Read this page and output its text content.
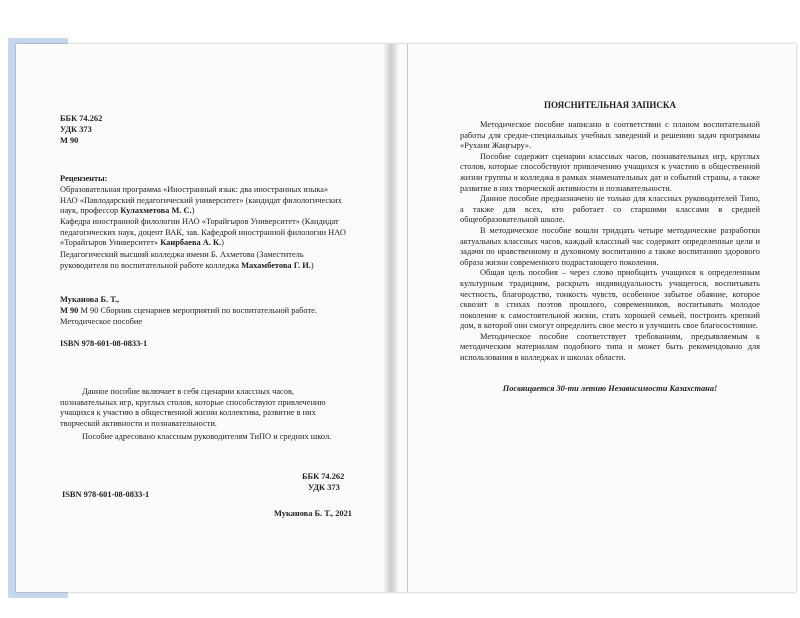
ББК 74.262
УДК 373
М 90
Рецензенты:
Образовательная программа «Иностранный язык: два иностранных языка»
НАО «Павлодарский педагогический университет» (кандидат филологических
наук, профессор Кулахметова М. С.)
Кафедра иностранной филологии НАО «Торайгыров Университет» (Кандидат
педагогических наук, доцент ВАК, зав. Кафедрой иностранной филологии НАО
«Торайгыров Университет» Канрбаева А. К.)
Педагогический высший колледжа имени Б. Ахметова (Заместитель
руководителя по воспитательной работе колледжа Махамбетова Г. И.)
Муканова Б. Т.,
М 90 М 90 Сборник сценариев мероприятий по воспитательной работе.
Методическое пособие
ISBN 978-601-08-0833-1
Данное пособие включает в себя сценарии классных часов,
познавательных игр, круглых столов, которые способствуют привлечению
учащихся к участию в общественной жизни коллектива, развитие в них
творческой активности и познавательности.
Пособие адресовано классным руководителям ТиПО и средних школ.
ББК 74.262
УДК 373
ISBN 978-601-08-0833-1
Муканова Б. Т., 2021
ПОЯСНИТЕЛЬНАЯ ЗАПИСКА

Методическое пособие написано в соответствии с планом воспитательной работы для средне-специальных учебных заведений и решению задач программы «Рухани Жаңғыру».

Пособие содержит сценарии классных часов, познавательных игр, круглых столов, которые способствуют привлечению учащихся к участию в общественной жизни группы и колледжа в рамках знаменательных дат и событий страны, а также развитие в них творческой активности и познавательности.

Данное пособие предназначено не только для классных руководителей Типо, а также для всех, кто работает со старшими классами в средней общеобразовательной школе.

В методическое пособие вошли тридцать четыре методические разработки актуальных классных часов, каждый классный час содержит определенные цели и задачи по нравственному и духовному воспитанию а также воспитанию здорового образа жизни современного подрастающего поколения.

Общая цель пособия – через слово приобщить учащихся к определенным культурным традициям, раскрыть индивидуальность учащегося, воспитывать честность, благородство, тонкость чувств, особенное забытое обаяние, которое сквозит в стихах поэтов прошлого, современников, воспитывать молодое поколение к самостоятельной жизни, стать хорошей семьей, построить крепкий дом, в которой они смогут определить свое место и улучшить свое благосостояние.

Методическое пособие соответствует требованиям, предъявляемым к методическим материалам подобного типа и может быть рекомендовано для использования в колледжах и школах области.

Посвящается 30-ти летию Независимости Казахстана!
